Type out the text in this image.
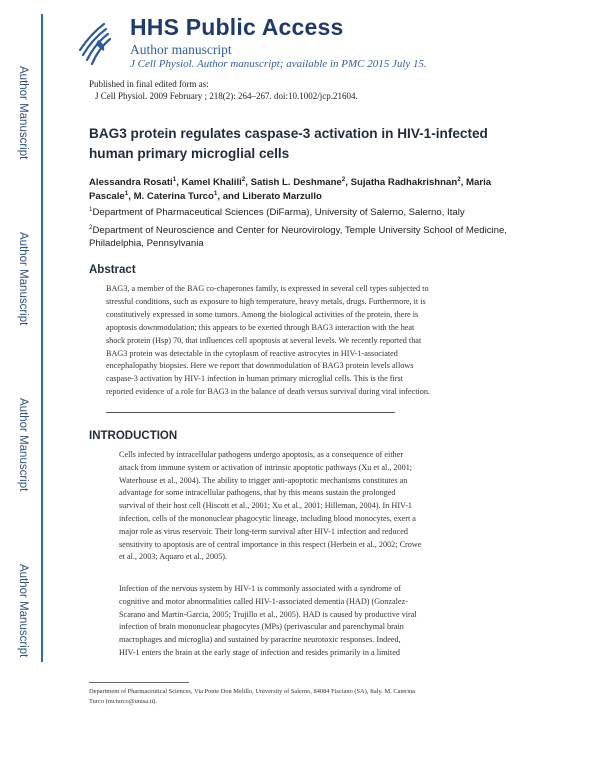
Author Manuscript
Author Manuscript
Author Manuscript
Author Manuscript
HHS Public Access
Author manuscript
J Cell Physiol. Author manuscript; available in PMC 2015 July 15.
Published in final edited form as:
J Cell Physiol. 2009 February ; 218(2): 264–267. doi:10.1002/jcp.21604.
BAG3 protein regulates caspase-3 activation in HIV-1-infected human primary microglial cells
Alessandra Rosati$^1$, Kamel Khalili$^2$, Satish L. Deshmane$^2$, Sujatha Radhakrishnan$^2$, Maria Pascale$^1$, M. Caterina Turco$^1$, and Liberato Marzullo
$^1$Department of Pharmaceutical Sciences (DiFarma), University of Salerno, Salerno, Italy
$^2$Department of Neuroscience and Center for Neurovirology, Temple University School of Medicine, Philadelphia, Pennsylvania
Abstract
BAG3, a member of the BAG co-chaperones family, is expressed in several cell types subjected to
stressful conditions, such as exposure to high temperature, heavy metals, drugs. Furthermore, it is
constitutively expressed in some tumors. Among the biological activities of the protein, there is
apoptosis downmodulation; this appears to be exerted through BAG3 interaction with the heat
shock protein (Hsp) 70, that influences cell apoptosis at several levels. We recently reported that
BAG3 protein was detectable in the cytoplasm of reactive astrocytes in HIV-1-associated
encephalopathy biopsies. Here we report that downmodulation of BAG3 protein levels allows
caspase-3 activation by HIV-1 infection in human primary microglial cells. This is the first
reported evidence of a role for BAG3 in the balance of death versus survival during viral infection.
INTRODUCTION
Cells infected by intracellular pathogens undergo apoptosis, as a consequence of either
attack from immune system or activation of intrinsic apoptotic pathways (Xu et al., 2001;
Waterhouse et al., 2004). The ability to trigger anti-apoptotic mechanisms constitutes an
advantage for some intracellular pathogens, that by this means sustain the prolonged
survival of their host cell (Hiscott et al., 2001; Xu et al., 2001; Hilleman, 2004). In HIV-1
infection, cells of the mononuclear phagocytic lineage, including blood monocytes, exert a
major role as virus reservoir. Their long-term survival after HIV-1 infection and reduced
sensitivity to apoptosis are of central importance in this respect (Herbein et al., 2002; Crowe
et al., 2003; Aquaro et al., 2005).
Infection of the nervous system by HIV-1 is commonly associated with a syndrome of
cognitive and motor abnormalities called HIV-1-associated dementia (HAD) (Gonzalez-
Scarano and Martin-Garcia, 2005; Trujillo et al., 2005). HAD is caused by productive viral
infection of brain mononuclear phagocytes (MPs) (perivascular and parenchymal brain
macrophages and microglia) and sustained by paracrine neurotoxic responses. Indeed,
HIV-1 enters the brain at the early stage of infection and resides primarily in a limited
Department of Pharmaceutical Sciences, Via Ponte Don Melillo, University of Salerno, 84084 Fisciano (SA), Italy. M. Caterina
Turco (mcturco@unisa.it).
